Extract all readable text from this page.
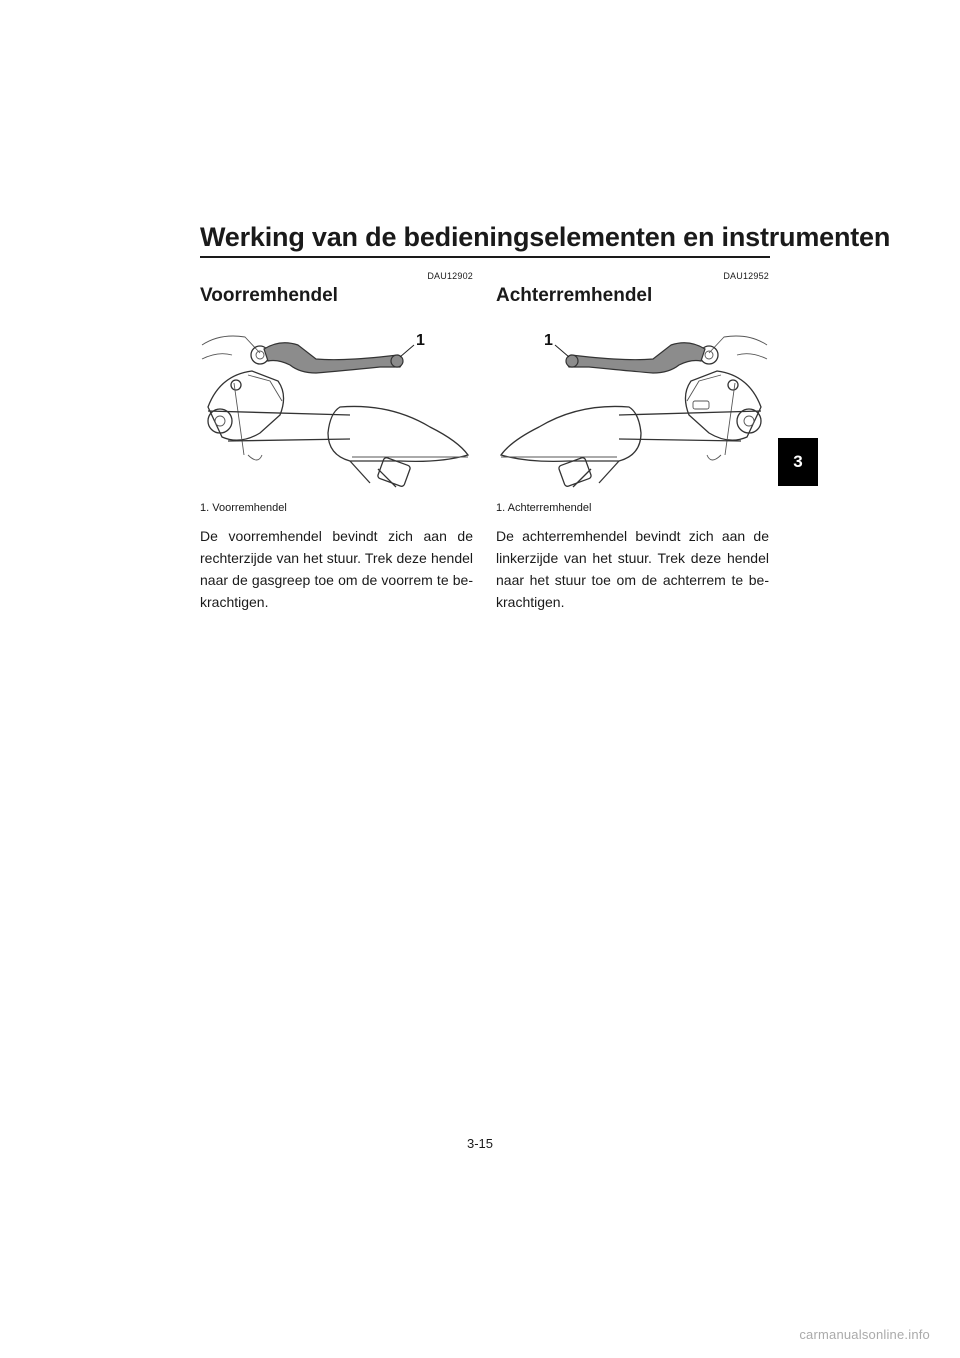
Werking van de bedieningselementen en instrumenten
3
DAU12902
Voorremhendel
1
1. Voorremhendel

De voorremhendel bevindt zich aan de rechterzijde van het stuur. Trek deze hendel naar de gasgreep toe om de voorrem te be-krachtigen.

DAU12952
Achterremhendel
1
1. Achterremhendel

De achterremhendel bevindt zich aan de linkerzijde van het stuur. Trek deze hendel naar het stuur toe om de achterrem te be-krachtigen.

3-15
carmanualsonline.info
